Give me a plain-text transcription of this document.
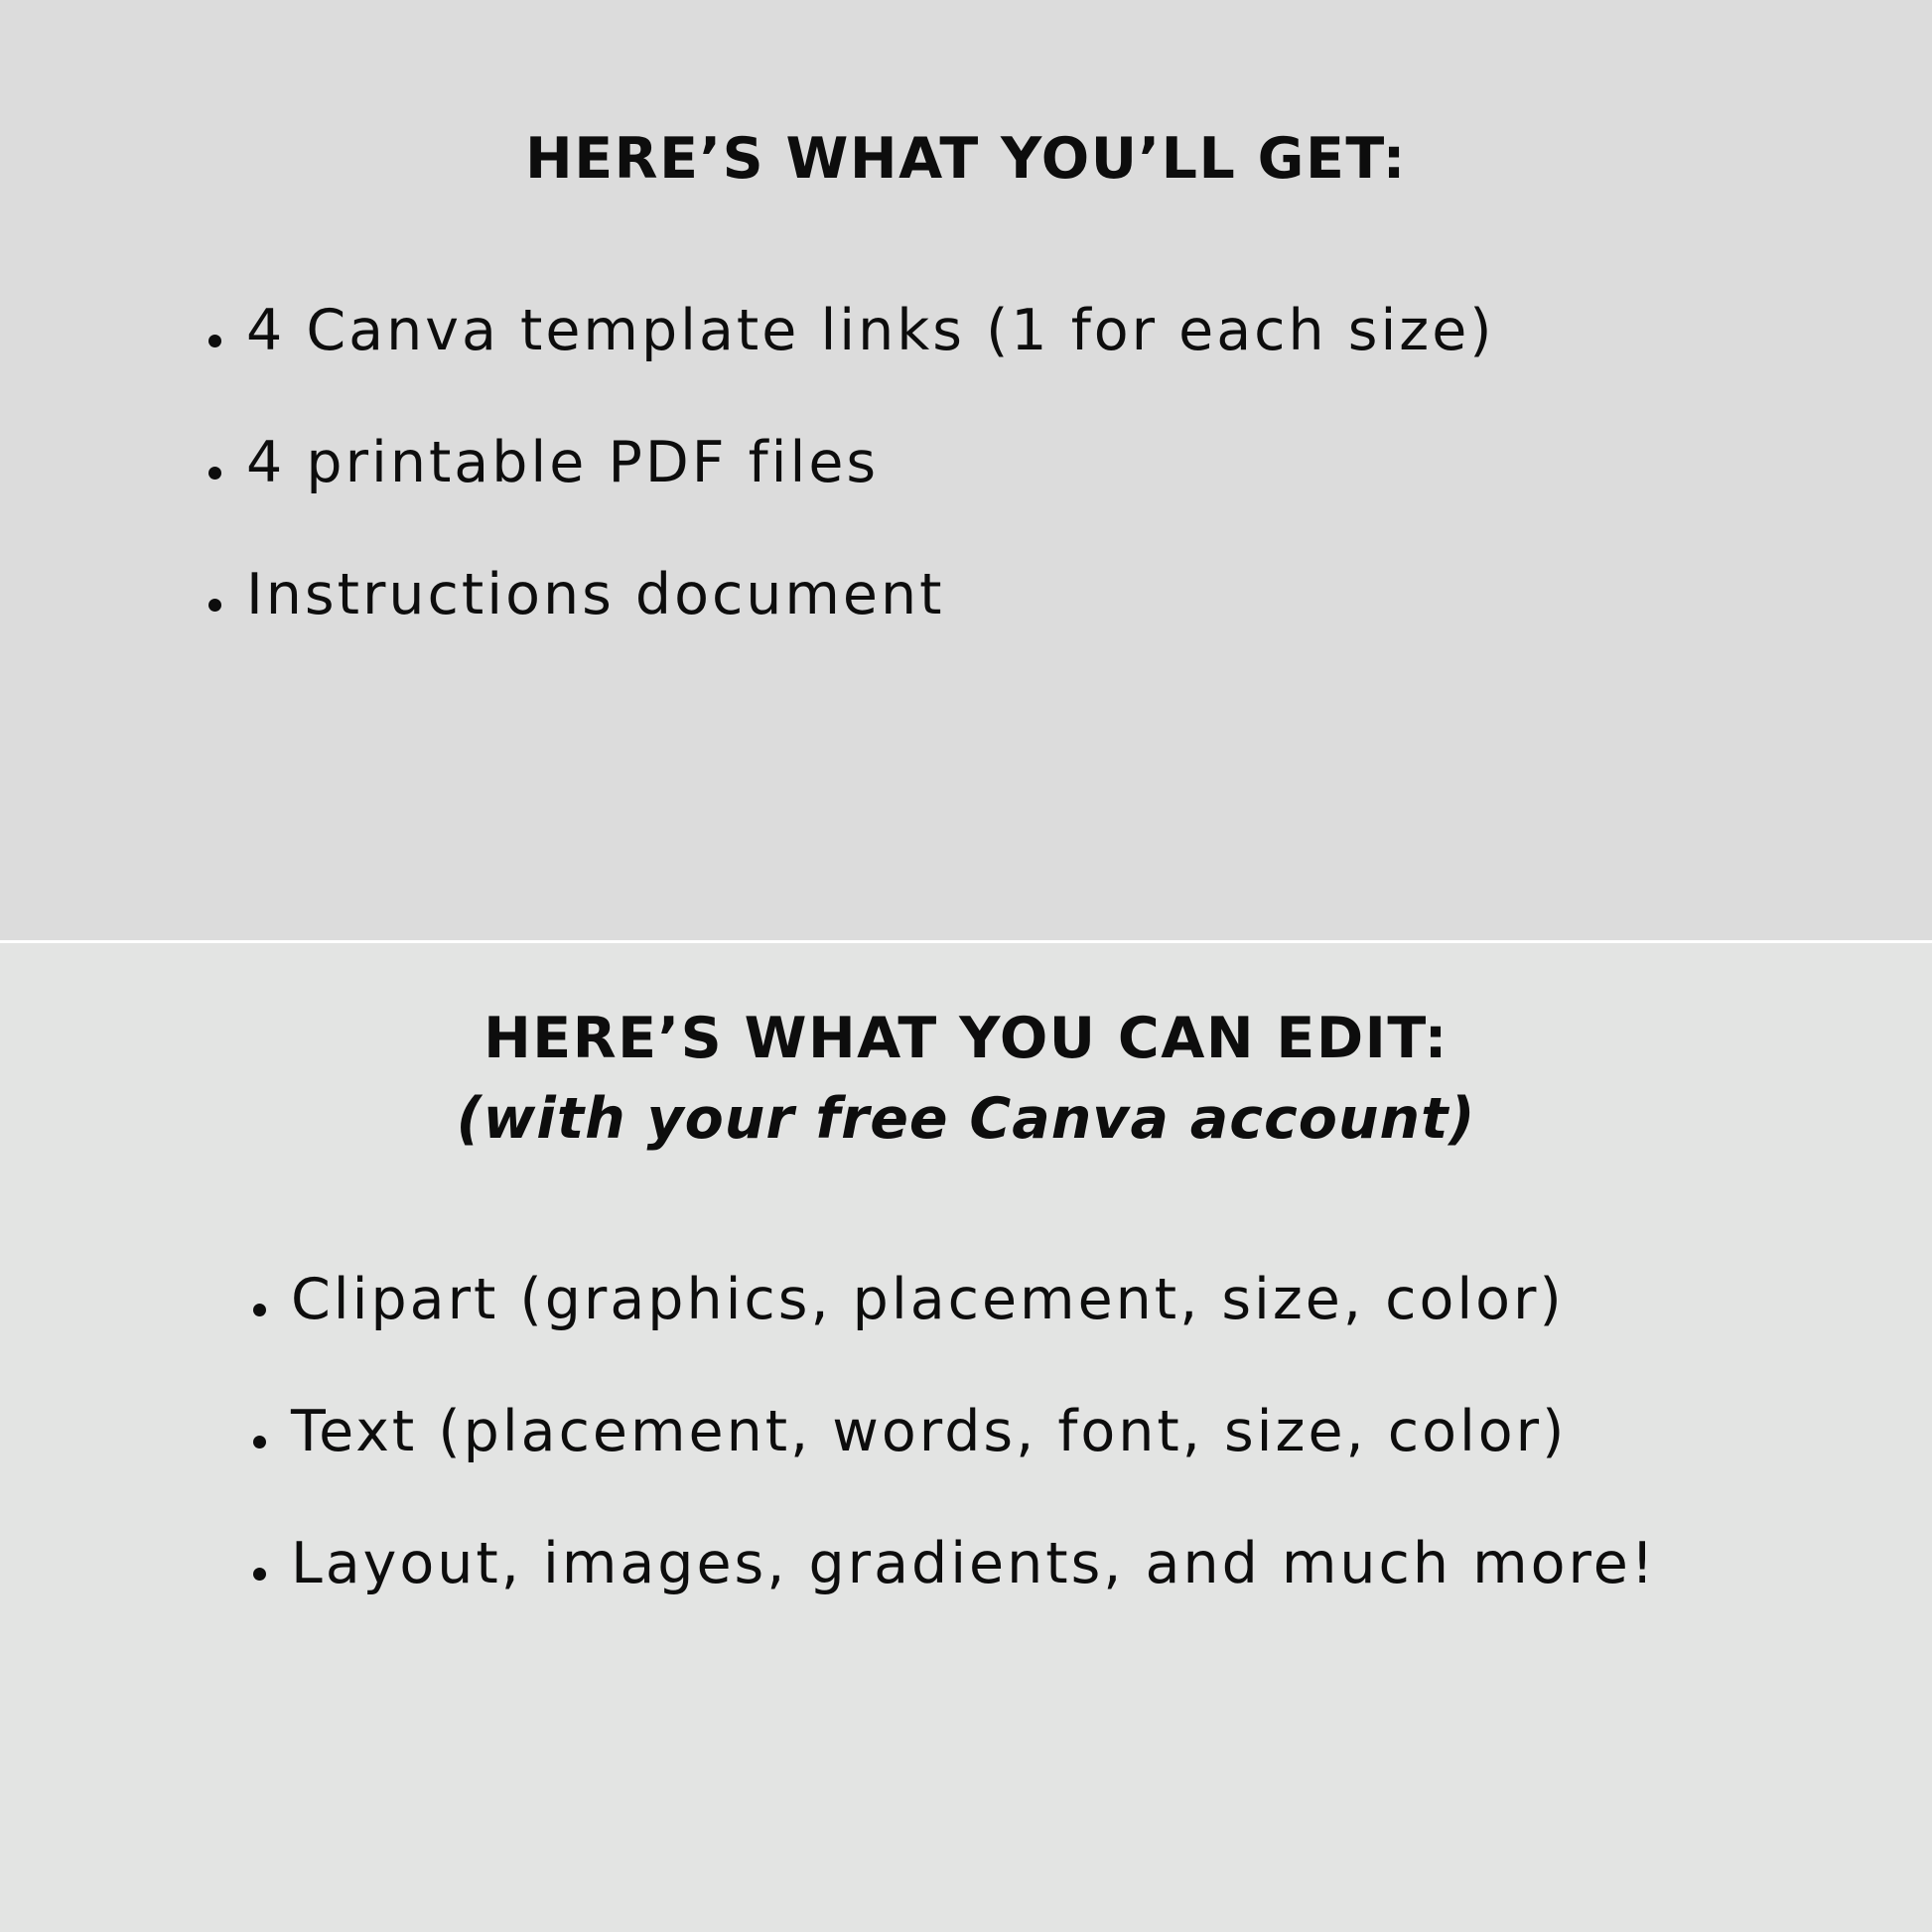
HERE’S WHAT YOU’LL GET:
4 Canva template links (1 for each size)
4 printable PDF files
Instructions document
HERE’S WHAT YOU CAN EDIT:
(with your free Canva account)
Clipart (graphics, placement, size, color)
Text (placement, words, font, size, color)
Layout, images, gradients, and much more!
